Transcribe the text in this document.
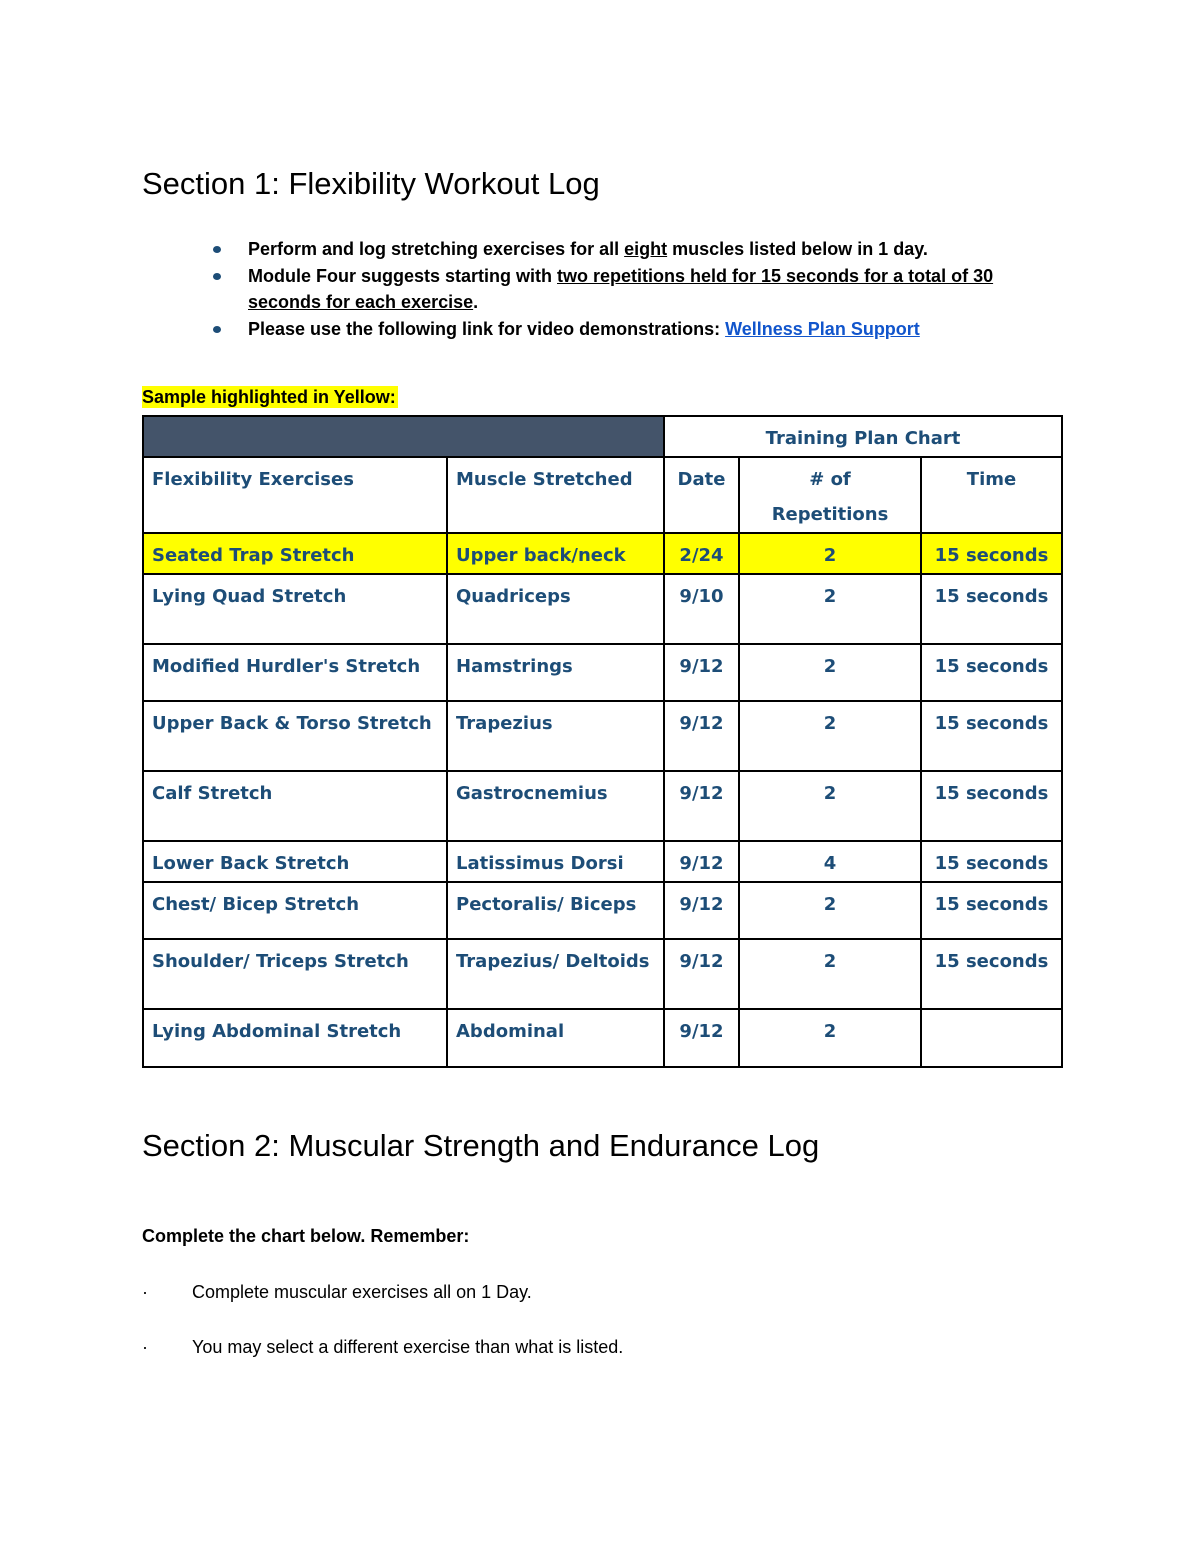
Section 1: Flexibility Workout Log
Perform and log stretching exercises for all eight muscles listed below in 1 day.
Module Four suggests starting with two repetitions held for 15 seconds for a total of 30 seconds for each exercise.
Please use the following link for video demonstrations: Wellness Plan Support
Sample highlighted in Yellow:
		Training Plan Chart		
Flexibility Exercises	Muscle Stretched	Date	# of Repetitions	Time
Seated Trap Stretch	Upper back/neck	2/24	2	15 seconds
Lying Quad Stretch	Quadriceps	9/10	2	15 seconds
Modified Hurdler's Stretch	Hamstrings	9/12	2	15 seconds
Upper Back & Torso Stretch	Trapezius	9/12	2	15 seconds
Calf Stretch	Gastrocnemius	9/12	2	15 seconds
Lower Back Stretch	Latissimus Dorsi	9/12	4	15 seconds
Chest/ Bicep Stretch	Pectoralis/ Biceps	9/12	2	15 seconds
Shoulder/ Triceps Stretch	Trapezius/ Deltoids	9/12	2	15 seconds
Lying Abdominal Stretch	Abdominal	9/12	2	
Section 2: Muscular Strength and Endurance Log
Complete the chart below. Remember:
· Complete muscular exercises all on 1 Day.
· You may select a different exercise than what is listed.
